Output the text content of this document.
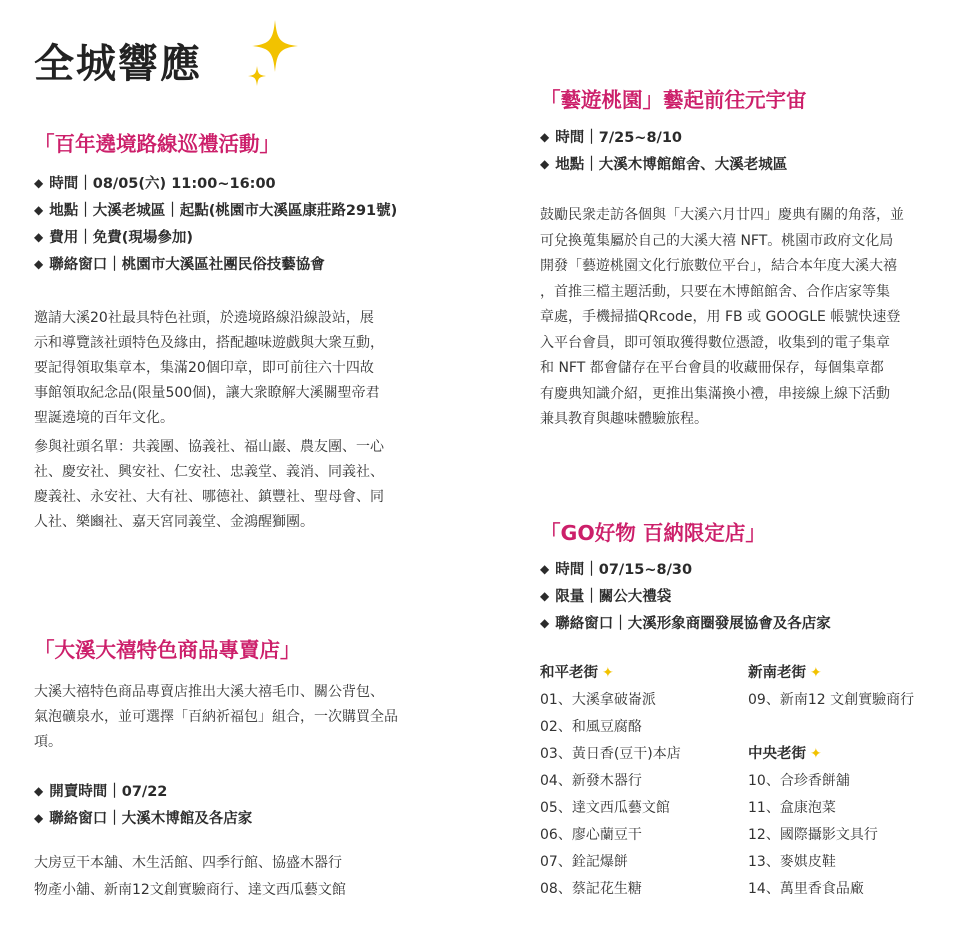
全城響應
「百年遶境路線巡禮活動」
◆ 時間｜08/05(六) 11:00~16:00
◆ 地點｜大溪老城區｜起點(桃園市大溪區康莊路291號)
◆ 費用｜免費(現場參加)
◆ 聯絡窗口｜桃園市大溪區社團民俗技藝協會

邀請大溪20社最具特色社頭，於遶境路線沿線設站，展

示和導覽該社頭特色及緣由，搭配趣味遊戲與大衆互動，

要記得領取集章本，集滿20個印章，即可前往六十四故

事館領取紀念品(限量500個)，讓大衆瞭解大溪關聖帝君

聖誕遶境的百年文化。

參與社頭名單：共義團、協義社、福山巖、農友團、一心

社、慶安社、興安社、仁安社、忠義堂、義消、同義社、

慶義社、永安社、大有社、哪德社、鎮豐社、聖母會、同

人社、樂豳社、嘉天宮同義堂、金鴻醒獅團。

「大溪大禧特色商品專賣店」

大溪大禧特色商品專賣店推出大溪大禧毛巾、關公背包、

氣泡礦泉水，並可選擇「百納祈福包」組合，一次購買全品

項。

◆ 開賣時間｜07/22
◆ 聯絡窗口｜大溪木博館及各店家

大房豆干本舖、木生活館、四季行館、協盛木器行

物產小舖、新南12文創實驗商行、達文西瓜藝文館

「藝遊桃園」藝起前往元宇宙
◆ 時間｜7/25~8/10
◆ 地點｜大溪木博館館舍、大溪老城區

鼓勵民衆走訪各個與「大溪六月廿四」慶典有關的角落，並

可兌換蒐集屬於自己的大溪大禧 NFT。桃園市政府文化局

開發「藝遊桃園文化行旅數位平台」，結合本年度大溪大禧

，首推三檔主題活動，只要在木博館館舍、合作店家等集

章處，手機掃描QRcode，用 FB 或 GOOGLE 帳號快速登

入平台會員，即可領取獲得數位憑證，收集到的電子集章

和 NFT 都會儲存在平台會員的收藏冊保存，每個集章都

有慶典知識介紹，更推出集滿換小禮，串接線上線下活動

兼具教育與趣味體驗旅程。

「GO好物 百納限定店」
◆ 時間｜07/15~8/30
◆ 限量｜關公大禮袋
◆ 聯絡窗口｜大溪形象商圈發展協會及各店家
和平老街 ✦
01、大溪拿破崙派
02、和風豆腐酪
03、黃日香(豆干)本店
04、新發木器行
05、達文西瓜藝文館
06、廖心蘭豆干
07、銓記爆餅
08、蔡記花生糖
新南老街 ✦
09、新南12 文創實驗商行
中央老街 ✦
10、合珍香餅舖
11、盒康泡菜
12、國際攝影文具行
13、麥娸皮鞋
14、萬里香食品廠
